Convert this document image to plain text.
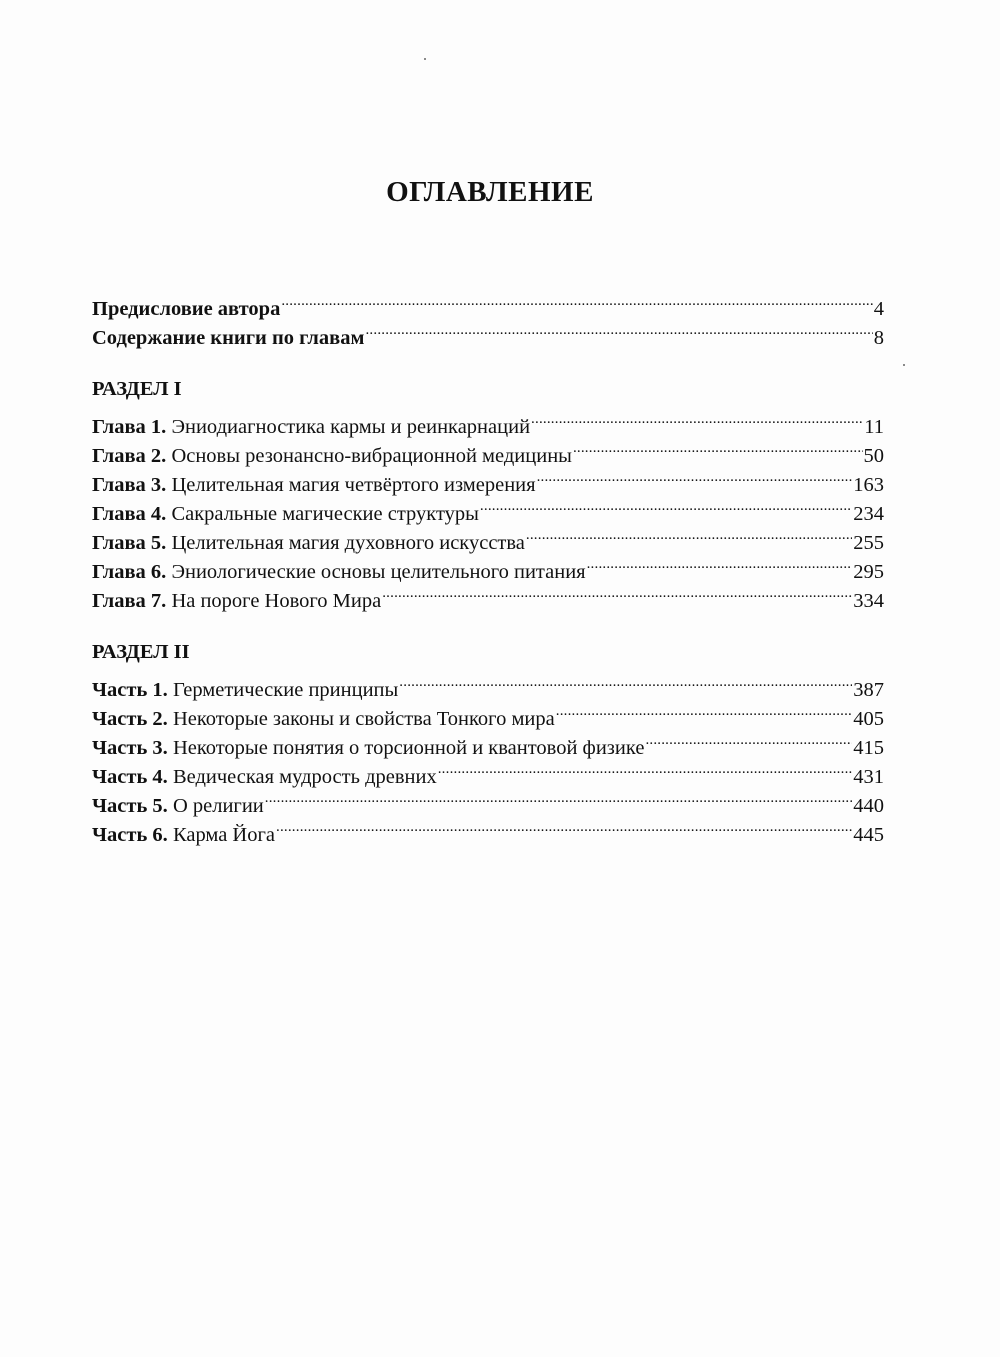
ОГЛАВЛЕНИЕ
Предисловие автора .....	4
Содержание книги по главам .....	8
РАЗДЕЛ I
Глава 1. Эниодиагностика кармы и реинкарнаций .....	11
Глава 2. Основы резонансно-вибрационной медицины .....	50
Глава 3. Целительная магия четвёртого измерения .....	163
Глава 4. Сакральные магические структуры .....	234
Глава 5. Целительная магия духовного искусства .....	255
Глава 6. Эниологические основы целительного питания .....	295
Глава 7. На пороге Нового Мира .....	334
РАЗДЕЛ II
Часть 1. Герметические принципы .....	387
Часть 2. Некоторые законы и свойства Тонкого мира .....	405
Часть 3. Некоторые понятия о торсионной и квантовой физике .....	415
Часть 4. Ведическая мудрость древних .....	431
Часть 5. О религии .....	440
Часть 6. Карма Йога .....	445
